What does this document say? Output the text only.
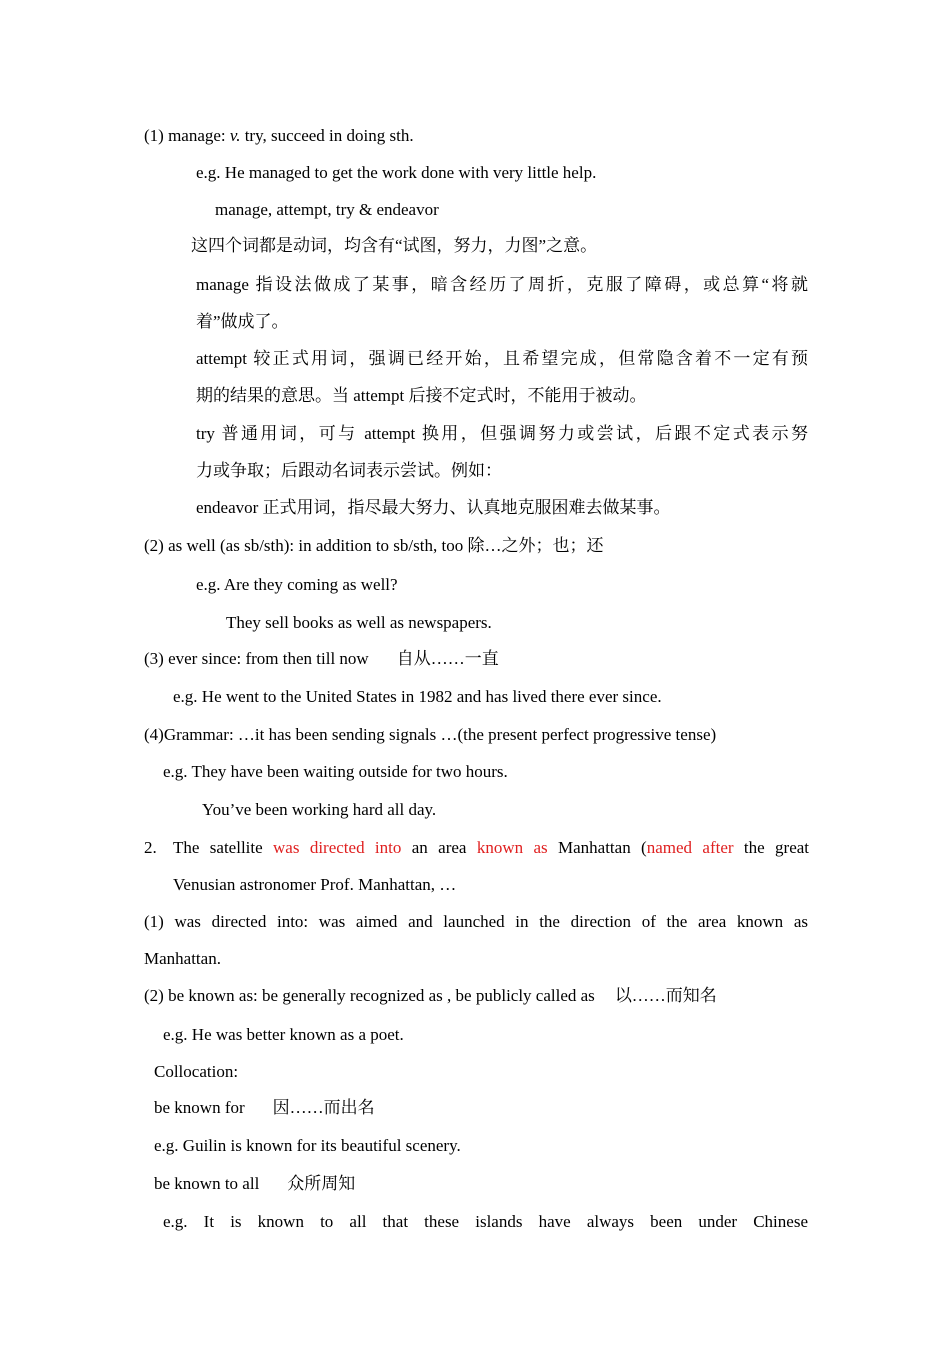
(1) manage: v. try, succeed in doing sth.
e.g. He managed to get the work done with very little help.
manage, attempt, try & endeavor
这四个词都是动词，均含有“试图，努力，力图”之意。
manage 指设法做成了某事，暗含经历了周折，克服了障碍，或总算“将就
着”做成了。
attempt 较正式用词，强调已经开始，且希望完成，但常隐含着不一定有预
期的结果的意思。当 attempt 后接不定式时，不能用于被动。
try 普通用词，可与 attempt 换用，但强调努力或尝试，后跟不定式表示努
力或争取；后跟动名词表示尝试。例如：
endeavor 正式用词，指尽最大努力、认真地克服困难去做某事。
(2) as well (as sb/sth): in addition to sb/sth, too 除…之外；也；还
e.g. Are they coming as well?
They sell books as well as newspapers.
(3) ever since: from then till now 自从……一直
e.g. He went to the United States in 1982 and has lived there ever since.
(4)Grammar: …it has been sending signals …(the present perfect progressive tense)
e.g. They have been waiting outside for two hours.
You’ve been working hard all day.
2. The satellite was directed into an area known as Manhattan (named after the great
Venusian astronomer Prof. Manhattan, …
(1) was directed into: was aimed and launched in the direction of the area known as
Manhattan.
(2) be known as: be generally recognized as , be publicly called as 以……而知名
e.g. He was better known as a poet.
Collocation:
be known for 因……而出名
e.g. Guilin is known for its beautiful scenery.
be known to all 众所周知
e.g. It is known to all that these islands have always been under Chinese
